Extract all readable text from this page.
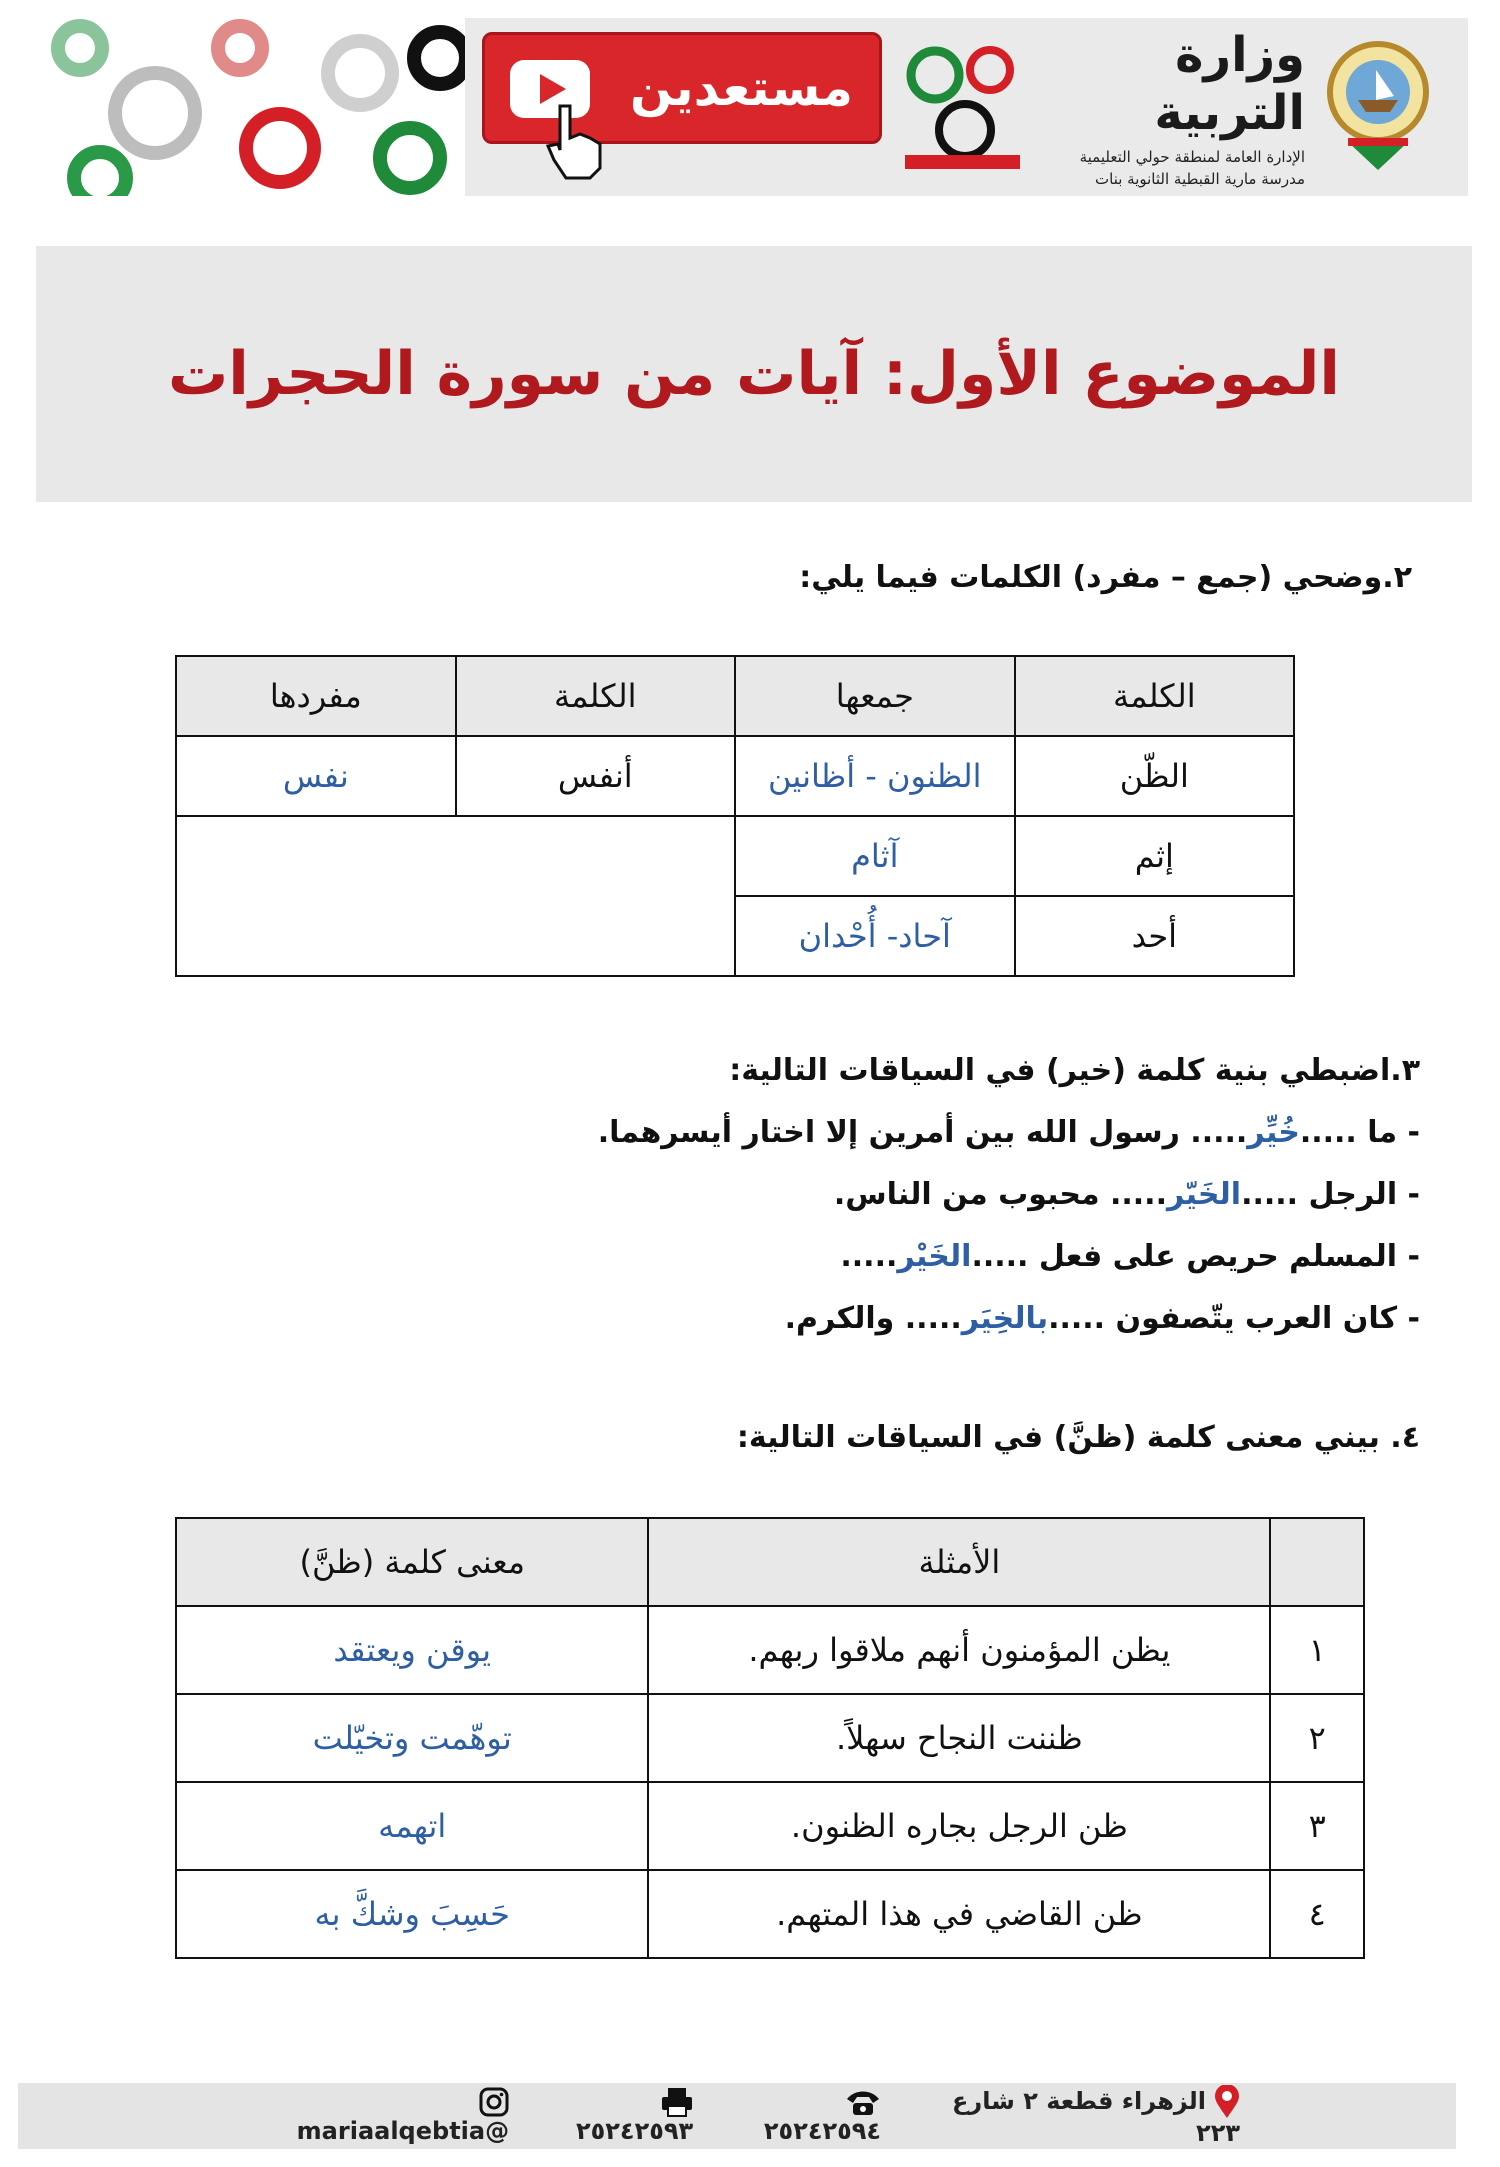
مستعدين
وزارة التربية
الإدارة العامة لمنطقة حولي التعليمية
مدرسة مارية القبطية الثانوية بنات
الموضوع الأول: آيات من سورة الحجرات
٢.وضحي (جمع – مفرد) الكلمات فيما يلي:
الكلمة	جمعها	الكلمة	مفردها
الظّن	الظنون - أظانين	أنفس	نفس
إثم	آثام		
أحد	آحاد- أُحْدان		
٣.اضبطي بنية كلمة (خير) في السياقات التالية:
- ما .....خُيِّر..... رسول الله بين أمرين إلا اختار أيسرهما.
- الرجل .....الخَيّر..... محبوب من الناس.
- المسلم حريص على فعل .....الخَيْر.....
- كان العرب يتّصفون .....بالخِيَر..... والكرم.
٤. بيني معنى كلمة (ظنَّ) في السياقات التالية:
	الأمثلة	معنى كلمة (ظنَّ)
١	يظن المؤمنون أنهم ملاقوا ربهم.	يوقن ويعتقد
٢	ظننت النجاح سهلاً.	توهّمت وتخيّلت
٣	ظن الرجل بجاره الظنون.	اتهمه
٤	ظن القاضي في هذا المتهم.	حَسِبَ وشكَّ به
الزهراء قطعة ٢ شارع ٢٢٣
٢٥٢٤٢٥٩٤
٢٥٢٤٢٥٩٣
@mariaalqebtia
